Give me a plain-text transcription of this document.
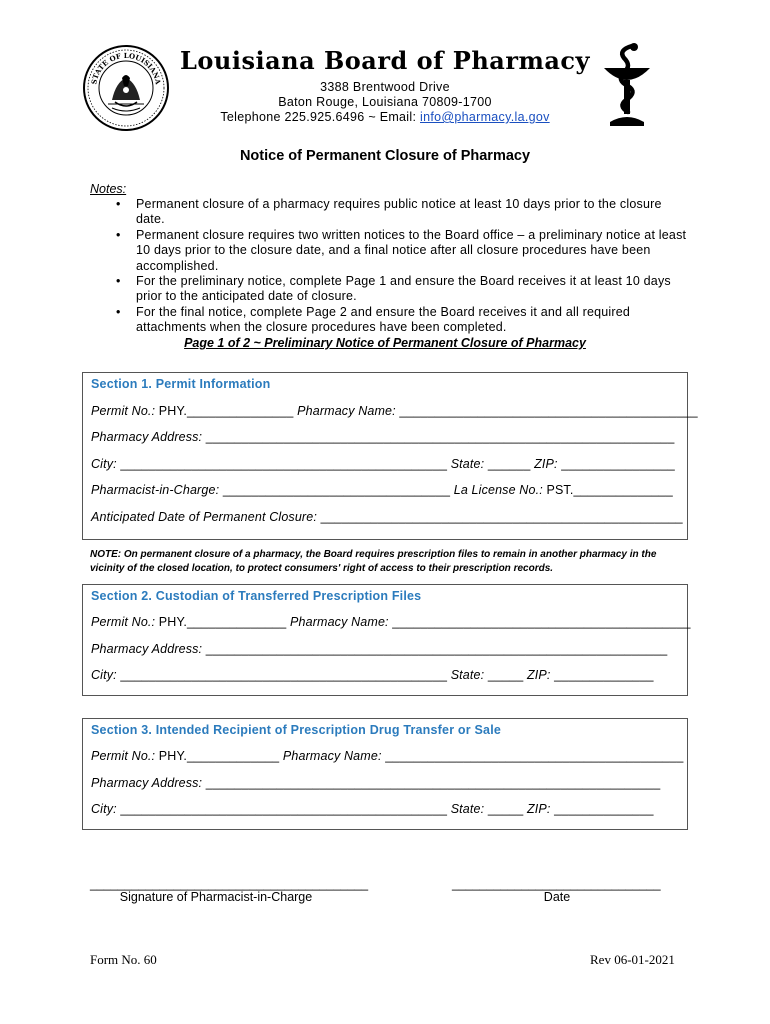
STATE OF LOUISIANA
Louisiana Board of Pharmacy
3388 Brentwood Drive
Baton Rouge, Louisiana 70809-1700
Telephone 225.925.6496 ~ Email: info@pharmacy.la.gov
Notice of Permanent Closure of Pharmacy
Notes:
• Permanent closure of a pharmacy requires public notice at least 10 days prior to the closure date.
• Permanent closure requires two written notices to the Board office – a preliminary notice at least 10 days prior to the closure date, and a final notice after all closure procedures have been accomplished.
• For the preliminary notice, complete Page 1 and ensure the Board receives it at least 10 days prior to the anticipated date of closure.
• For the final notice, complete Page 2 and ensure the Board receives it and all required attachments when the closure procedures have been completed.
Page 1 of 2 ~ Preliminary Notice of Permanent Closure of Pharmacy
Section 1. Permit Information
Permit No.: PHY._______________ Pharmacy Name: __________________________________________
Pharmacy Address: __________________________________________________________________
City: ______________________________________________ State: ______ ZIP: ________________
Pharmacist-in-Charge: ________________________________ La License No.: PST.______________
Anticipated Date of Permanent Closure: ___________________________________________________
NOTE: On permanent closure of a pharmacy, the Board requires prescription files to remain in another pharmacy in the vicinity of the closed location, to protect consumers' right of access to their prescription records.
Section 2. Custodian of Transferred Prescription Files
Permit No.: PHY.______________ Pharmacy Name: __________________________________________
Pharmacy Address: _________________________________________________________________
City: ______________________________________________ State: _____ ZIP: ______________
Section 3. Intended Recipient of Prescription Drug Transfer or Sale
Permit No.: PHY._____________ Pharmacy Name: __________________________________________
Pharmacy Address: ________________________________________________________________
City: ______________________________________________ State: _____ ZIP: ______________
________________________________________
Signature of Pharmacist-in-Charge
______________________________
Date
Form No. 60	Rev 06-01-2021
